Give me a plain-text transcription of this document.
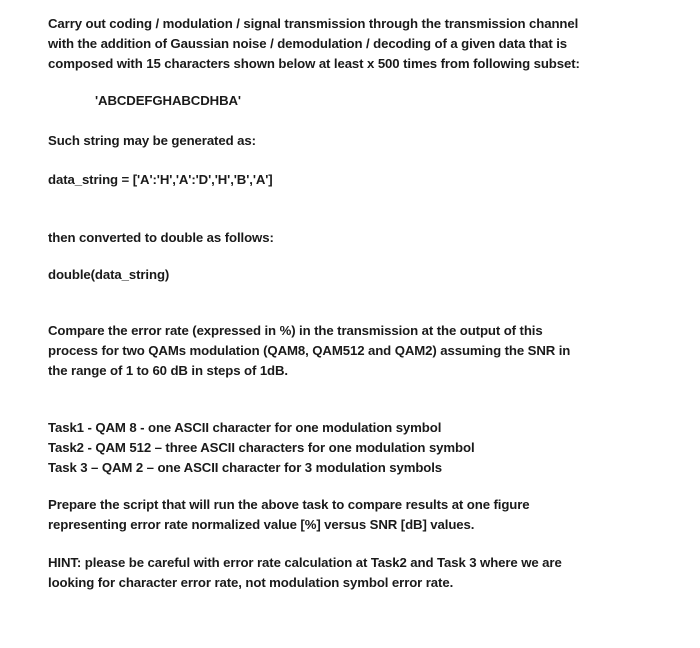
Carry out coding / modulation / signal transmission through the transmission channel
with the addition of Gaussian noise / demodulation / decoding of a given data that is
composed with 15 characters shown below at least x 500 times from following subset:

'ABCDEFGHABCDHBA'

Such string may be generated as:

data_string = ['A':'H','A':'D','H','B','A']

then converted to double as follows:

double(data_string)

Compare the error rate (expressed in %) in the transmission at the output of this
process for two QAMs modulation (QAM8, QAM512 and QAM2) assuming the SNR in
the range of 1 to 60 dB in steps of 1dB.

Task1 - QAM 8 - one ASCII character for one modulation symbol
Task2 - QAM 512 – three ASCII characters for one modulation symbol
Task 3 – QAM 2 – one ASCII character for 3 modulation symbols

Prepare the script that will run the above task to compare results at one figure
representing error rate normalized value [%] versus SNR [dB] values.

HINT: please be careful with error rate calculation at Task2 and Task 3 where we are
looking for character error rate, not modulation symbol error rate.
